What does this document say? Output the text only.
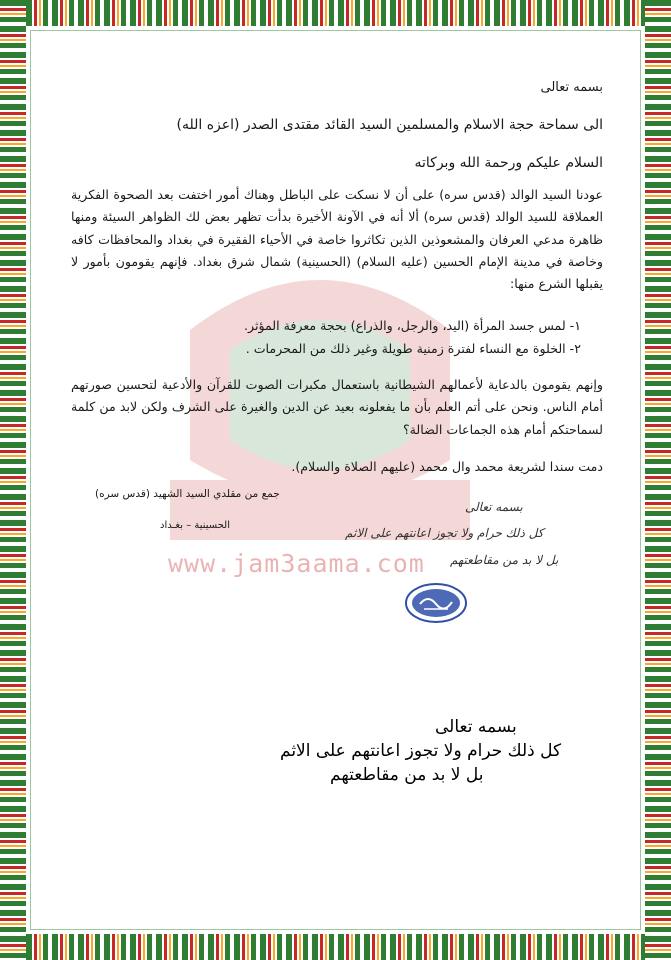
www.jam3aama.com
بسمه تعالى
الى سماحة حجة الاسلام والمسلمين السيد القائد مقتدى الصدر (اعزه الله)
السلام عليكم ورحمة الله وبركاته
عودنا السيد الوالد (قدس سره) على أن لا نسكت على الباطل وهناك أمور اختفت بعد الصحوة الفكرية العملاقة للسيد الوالد (قدس سره) ألا أنه في الآونة الأخيرة بدأت تظهر بعض لك الظواهر السيئة ومنها ظاهرة مدعي العرفان والمشعوذين الذين تكاثروا خاصة في الأحياء الفقيرة في بغداد والمحافظات كافه وخاصة في مدينة الإمام الحسين (عليه السلام) (الحسينية) شمال شرق بغداد. فإنهم يقومون بأمور لا يقبلها الشرع منها:
١- لمس جسد المرأة (اليد، والرجل، والذراع) بحجة معرفة المؤثر.
٢- الخلوة مع النساء لفترة زمنية طويلة وغير ذلك من المحرمات .
وإنهم يقومون بالدعاية لأعمالهم الشيطانية باستعمال مكبرات الصوت للقرآن والأدعية لتحسين صورتهم أمام الناس. ونحن على أتم العلم بأن ما يفعلونه بعيد عن الدين والغيرة على الشرف ولكن لابد من كلمة لسماحتكم أمام هذه الجماعات الضالة؟
دمت سندا لشريعة محمد وال محمد (عليهم الصلاة والسلام).
جمع من مقلدي السيد الشهيد (قدس سره)
الحسينية – بغـداد
بسمه تعالى
كل ذلك حرام ولا تجوز اعانتهم على الاثم
بل لا بد من مقاطعتهم
بسمه تعالى
كل ذلك حرام ولا تجوز اعانتهم على الاثم
بل لا بد من مقاطعتهم
